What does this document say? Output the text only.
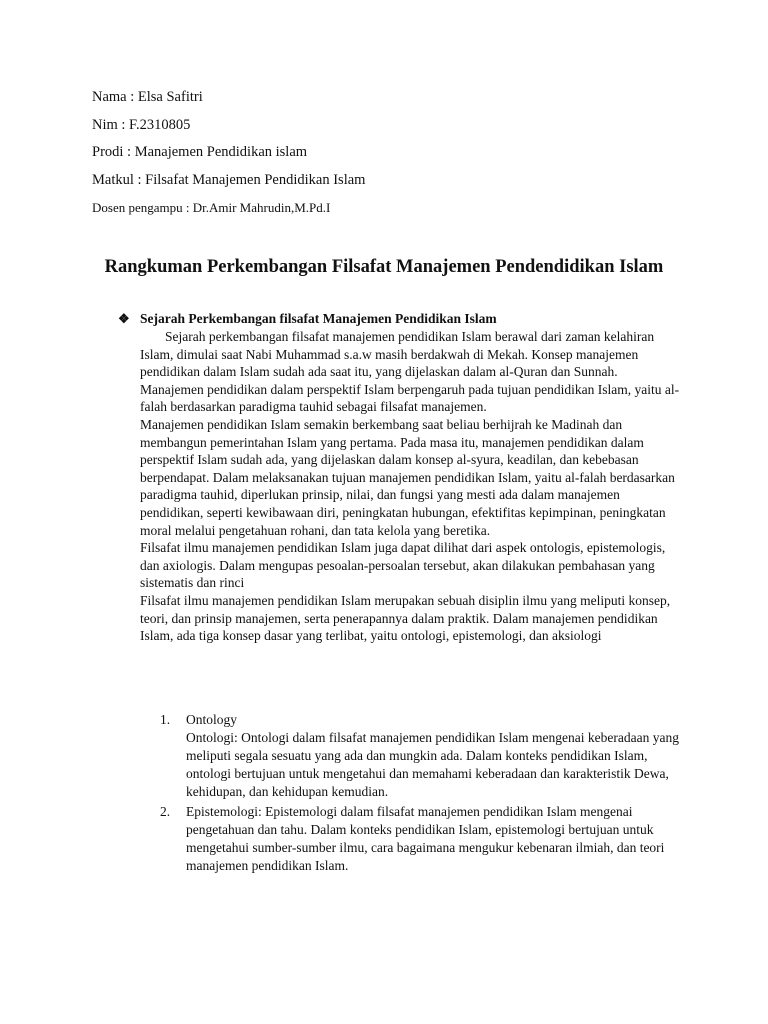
Nama : Elsa Safitri
Nim : F.2310805
Prodi : Manajemen Pendidikan islam
Matkul : Filsafat Manajemen Pendidikan Islam
Dosen pengampu : Dr.Amir Mahrudin,M.Pd.I
Rangkuman Perkembangan Filsafat Manajemen Pendendidikan Islam
❖ Sejarah Perkembangan filsafat Manajemen Pendidikan Islam

Sejarah perkembangan filsafat manajemen pendidikan Islam berawal dari zaman kelahiran Islam, dimulai saat Nabi Muhammad s.a.w masih berdakwah di Mekah. Konsep manajemen pendidikan dalam Islam sudah ada saat itu, yang dijelaskan dalam al-Quran dan Sunnah. Manajemen pendidikan dalam perspektif Islam berpengaruh pada tujuan pendidikan Islam, yaitu al-falah berdasarkan paradigma tauhid sebagai filsafat manajemen.

Manajemen pendidikan Islam semakin berkembang saat beliau berhijrah ke Madinah dan membangun pemerintahan Islam yang pertama. Pada masa itu, manajemen pendidikan dalam perspektif Islam sudah ada, yang dijelaskan dalam konsep al-syura, keadilan, dan kebebasan berpendapat. Dalam melaksanakan tujuan manajemen pendidikan Islam, yaitu al-falah berdasarkan paradigma tauhid, diperlukan prinsip, nilai, dan fungsi yang mesti ada dalam manajemen pendidikan, seperti kewibawaan diri, peningkatan hubungan, efektifitas kepimpinan, peningkatan moral melalui pengetahuan rohani, dan tata kelola yang beretika.

Filsafat ilmu manajemen pendidikan Islam juga dapat dilihat dari aspek ontologis, epistemologis, dan axiologis. Dalam mengupas pesoalan-persoalan tersebut, akan dilakukan pembahasan yang sistematis dan rinci

Filsafat ilmu manajemen pendidikan Islam merupakan sebuah disiplin ilmu yang meliputi konsep, teori, dan prinsip manajemen, serta penerapannya dalam praktik. Dalam manajemen pendidikan Islam, ada tiga konsep dasar yang terlibat, yaitu ontologi, epistemologi, dan aksiologi

1. Ontology

Ontologi: Ontologi dalam filsafat manajemen pendidikan Islam mengenai keberadaan yang meliputi segala sesuatu yang ada dan mungkin ada. Dalam konteks pendidikan Islam, ontologi bertujuan untuk mengetahui dan memahami keberadaan dan karakteristik Dewa, kehidupan, dan kehidupan kemudian.

2. Epistemologi: Epistemologi dalam filsafat manajemen pendidikan Islam mengenai pengetahuan dan tahu. Dalam konteks pendidikan Islam, epistemologi bertujuan untuk mengetahui sumber-sumber ilmu, cara bagaimana mengukur kebenaran ilmiah, dan teori manajemen pendidikan Islam.
